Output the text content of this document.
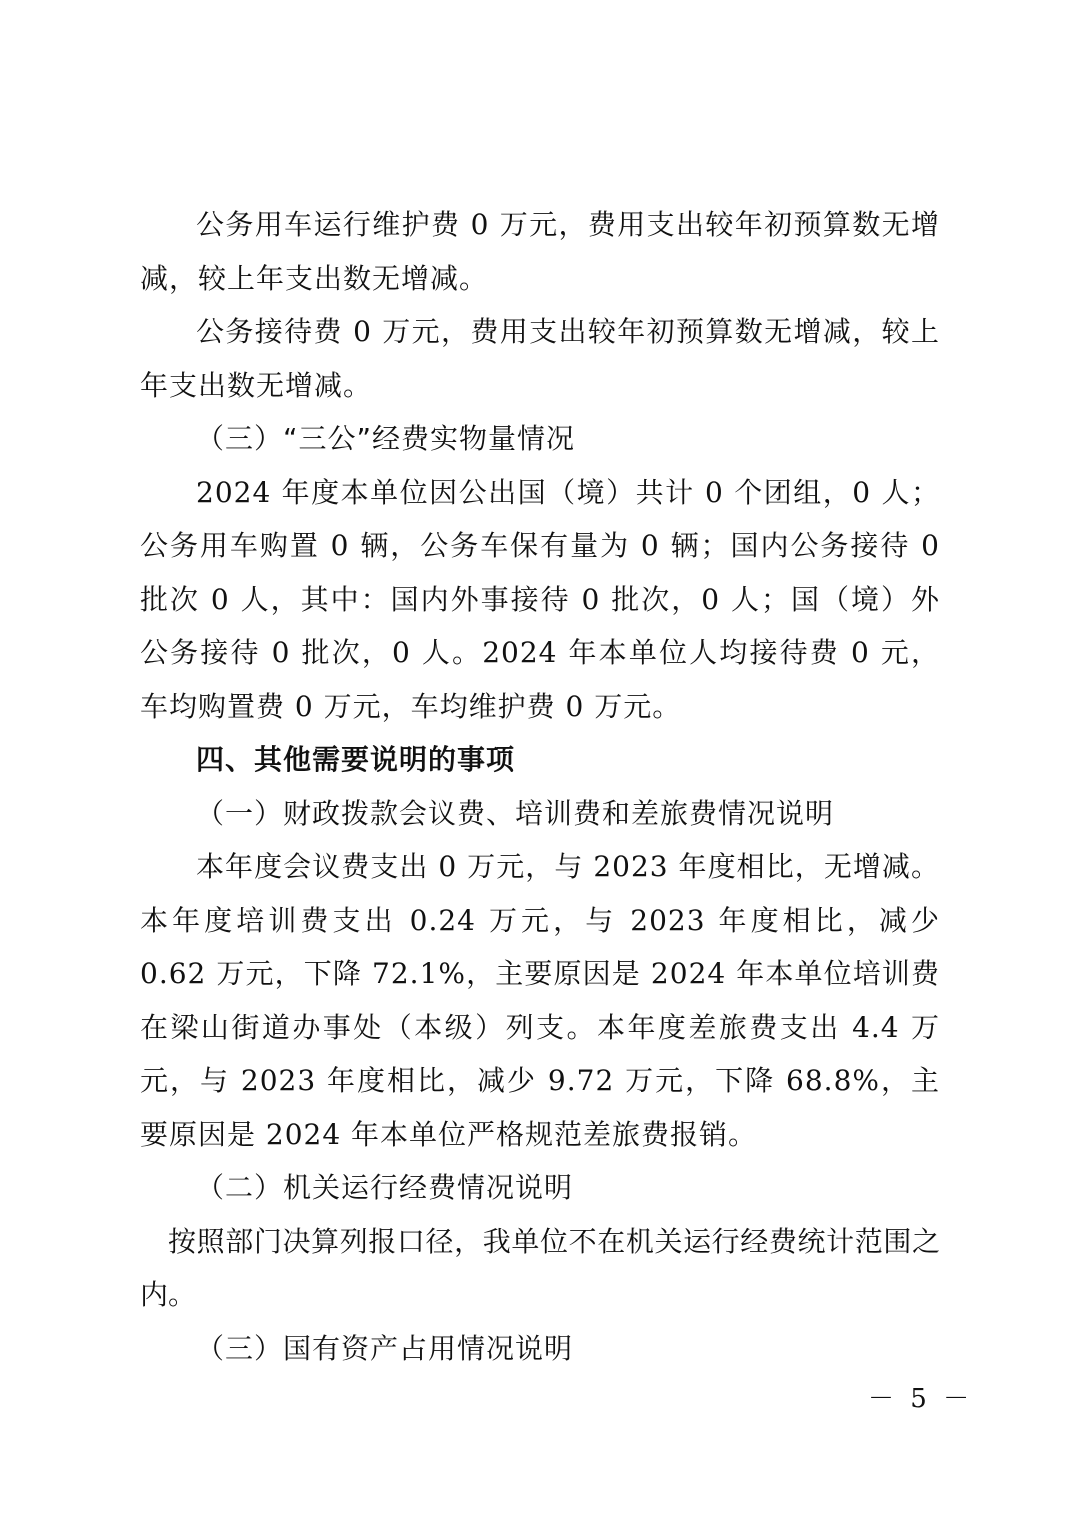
公务用车运行维护费 0 万元，费用支出较年初预算数无增减，较上年支出数无增减。

公务接待费 0 万元，费用支出较年初预算数无增减，较上年支出数无增减。

（三）“三公”经费实物量情况

2024 年度本单位因公出国（境）共计 0 个团组，0 人；公务用车购置 0 辆，公务车保有量为 0 辆；国内公务接待 0 批次 0 人，其中：国内外事接待 0 批次，0 人；国（境）外公务接待 0 批次，0 人。2024 年本单位人均接待费 0 元，车均购置费 0 万元，车均维护费 0 万元。

四、其他需要说明的事项

（一）财政拨款会议费、培训费和差旅费情况说明

本年度会议费支出 0 万元，与 2023 年度相比，无增减。本年度培训费支出 0.24 万元，与 2023 年度相比，减少 0.62 万元，下降 72.1%，主要原因是 2024 年本单位培训费在梁山街道办事处（本级）列支。本年度差旅费支出 4.4 万元，与 2023 年度相比，减少 9.72 万元，下降 68.8%，主要原因是 2024 年本单位严格规范差旅费报销。

（二）机关运行经费情况说明

按照部门决算列报口径，我单位不在机关运行经费统计范围之内。

（三）国有资产占用情况说明

－ 5 －
